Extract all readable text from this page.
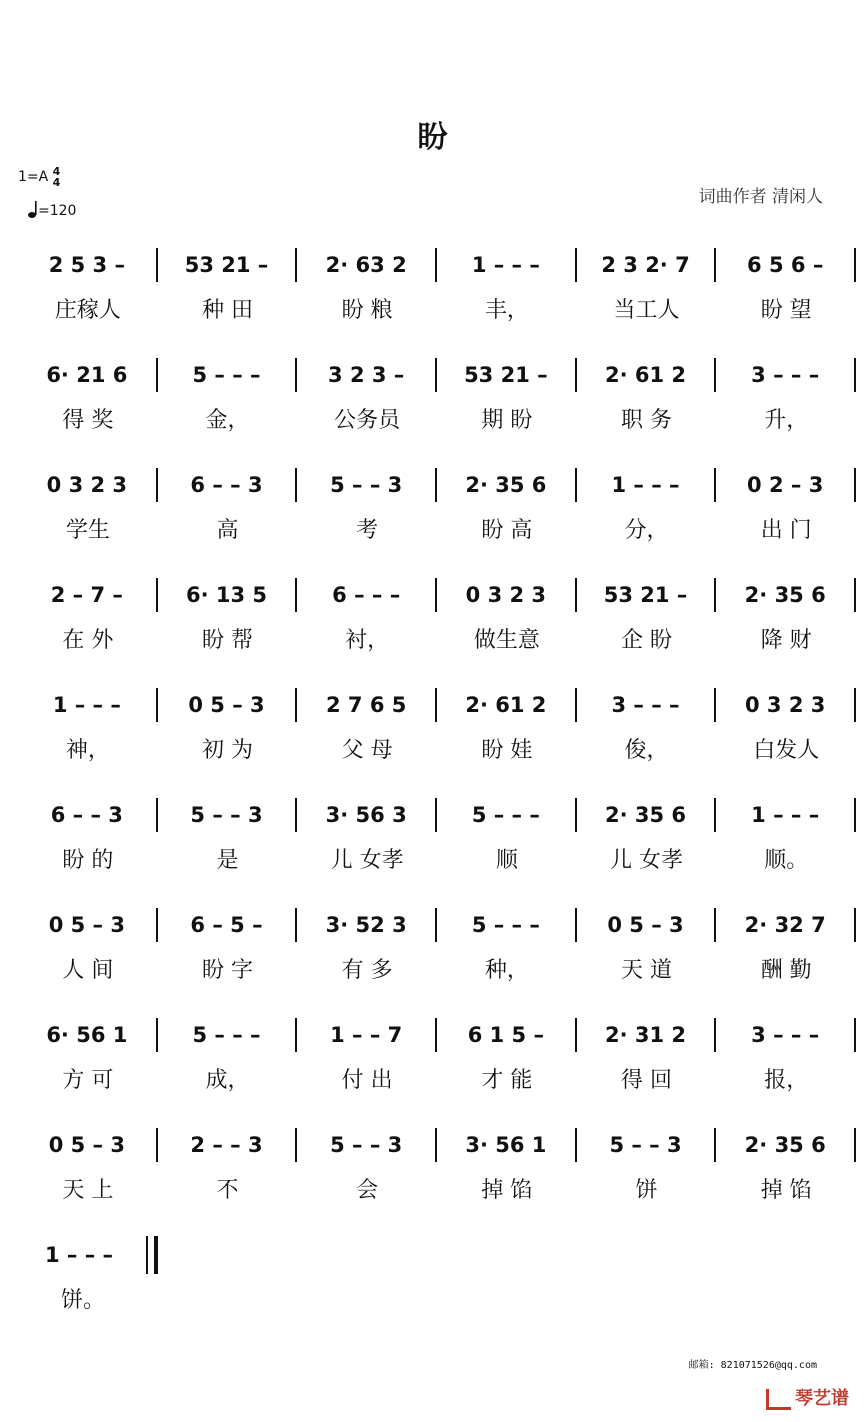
盼
1=A 4
4
=120
词曲作者 清闲人
2 5 3 –	53 21 –	2· 63 2	1 – – –	2 3 2· 7	6 5 6 –
庄稼人	种 田	盼 粮	丰，	当工人	盼 望
6· 21 6	5 – – –	3 2 3 –	53 21 –	2· 61 2	3 – – –
得 奖	金，	公务员	期 盼	职 务	升，
0 3 2 3	6 – – 3	5 – – 3	2· 35 6	1 – – –	0 2 – 3
学生	高	考	盼 高	分，	出 门
2 – 7 –	6· 13 5	6 – – –	0 3 2 3	53 21 –	2· 35 6
在 外	盼 帮	衬，	做生意	企 盼	降 财
1 – – –	0 5 – 3	2 7 6 5	2· 61 2	3 – – –	0 3 2 3
神，	初 为	父 母	盼 娃	俊，	白发人
6 – – 3	5 – – 3	3· 56 3	5 – – –	2· 35 6	1 – – –
盼 的	是	儿 女孝	顺	儿 女孝	顺。
0 5 – 3	6 – 5 –	3· 52 3	5 – – –	0 5 – 3	2· 32 7
人 间	盼 字	有 多	种，	天 道	酬 勤
6· 56 1	5 – – –	1 – – 7	6 1 5 –	2· 31 2	3 – – –
方 可	成，	付 出	才 能	得 回	报，
0 5 – 3	2 – – 3	5 – – 3	3· 56 1	5 – – 3	2· 35 6
天 上	不	会	掉 馅	饼	掉 馅
1 – – –
饼。
邮箱: 821071526@qq.com
琴艺谱
